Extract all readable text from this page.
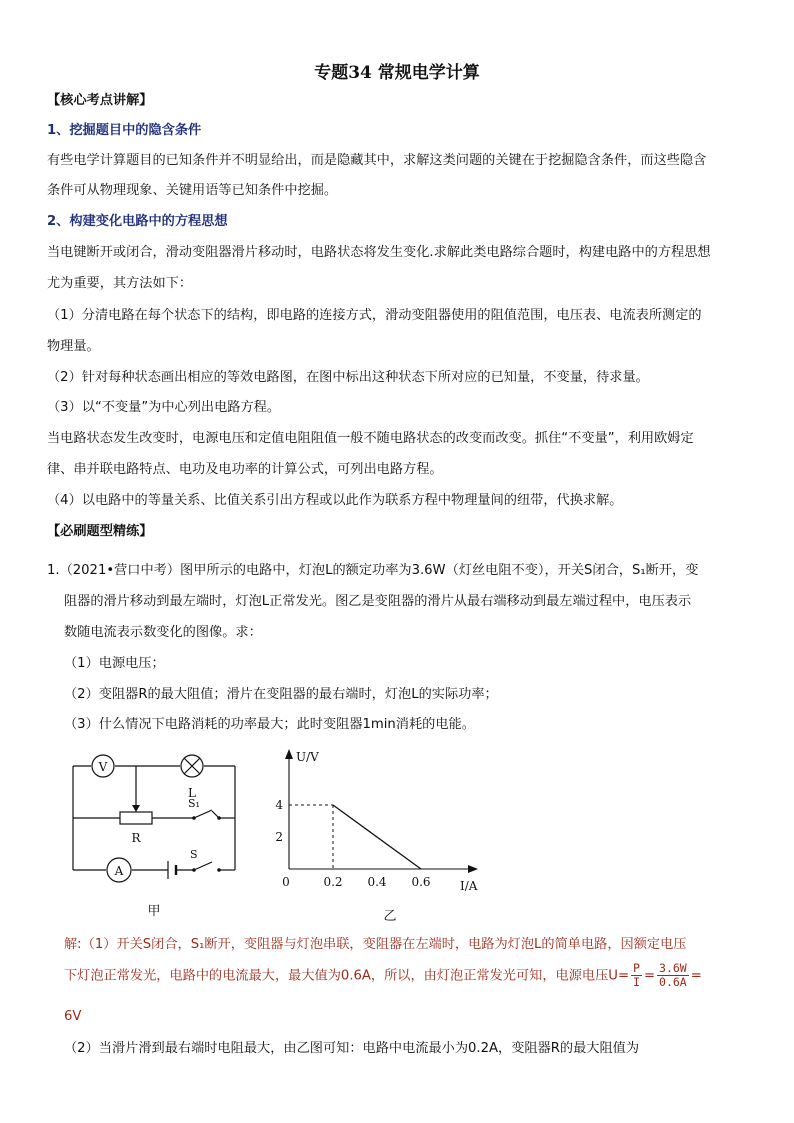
专题34 常规电学计算
【核心考点讲解】
1、挖掘题目中的隐含条件
有些电学计算题目的已知条件并不明显给出，而是隐藏其中，求解这类问题的关键在于挖掘隐含条件，而这些隐含
条件可从物理现象、关键用语等已知条件中挖掘。
2、构建变化电路中的方程思想
当电键断开或闭合，滑动变阻器滑片移动时，电路状态将发生变化.求解此类电路综合题时，构建电路中的方程思想
尤为重要，其方法如下：
（1）分清电路在每个状态下的结构，即电路的连接方式，滑动变阻器使用的阻值范围，电压表、电流表所测定的
物理量。
（2）针对每种状态画出相应的等效电路图，在图中标出这种状态下所对应的已知量，不变量，待求量。
（3）以“不变量”为中心列出电路方程。
当电路状态发生改变时，电源电压和定值电阻阻值一般不随电路状态的改变而改变。抓住“不变量”，利用欧姆定
律、串并联电路特点、电功及电功率的计算公式，可列出电路方程。
（4）以电路中的等量关系、比值关系引出方程或以此作为联系方程中物理量间的纽带，代换求解。
【必刷题型精练】
1.（2021•营口中考）图甲所示的电路中，灯泡L的额定功率为3.6W（灯丝电阻不变），开关S闭合，S₁断开，变
阻器的滑片移动到最左端时，灯泡L正常发光。图乙是变阻器的滑片从最右端移动到最左端过程中，电压表示
数随电流表示数变化的图像。求：
（1）电源电压；
（2）变阻器R的最大阻值；滑片在变阻器的最右端时，灯泡L的实际功率；
（3）什么情况下电路消耗的功率最大；此时变阻器1min消耗的电能。
V
L
R
S₁
A
S
甲
U/V
I/A
0	0.2 0.4 0.6
2
4
乙
解:（1）开关S闭合，S₁断开，变阻器与灯泡串联，变阻器在左端时，电路为灯泡L的简单电路，因额定电压
下灯泡正常发光，电路中的电流最大，最大值为0.6A，所以，由灯泡正常发光可知，电源电压$U= \frac{P}{I} = \frac{3.6W}{0.6A}$ =
6V
（2）当滑片滑到最右端时电阻最大，由乙图可知：电路中电流最小为0.2A，变阻器R的最大阻值为
